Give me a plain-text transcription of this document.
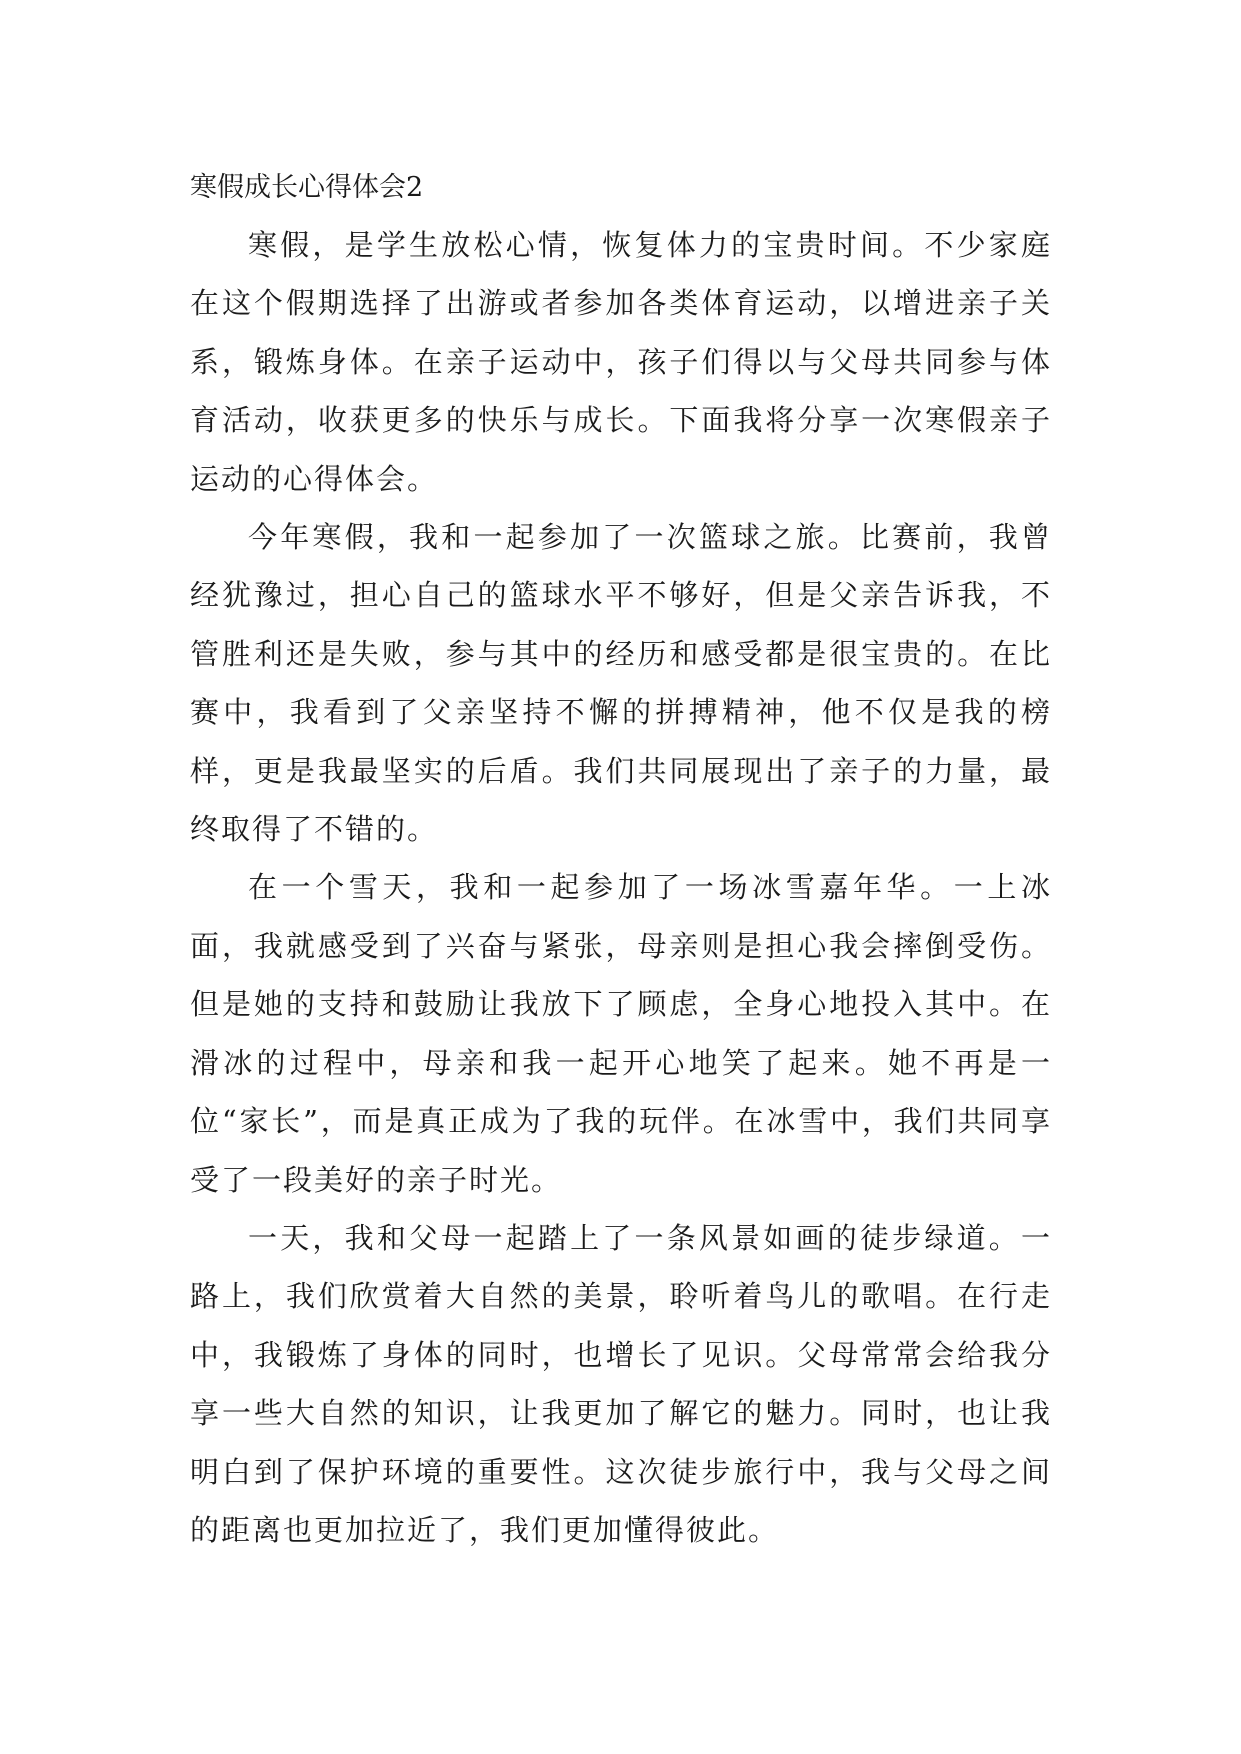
寒假成长心得体会2

寒假，是学生放松心情，恢复体力的宝贵时间。不少家庭在这个假期选择了出游或者参加各类体育运动，以增进亲子关系，锻炼身体。在亲子运动中，孩子们得以与父母共同参与体育活动，收获更多的快乐与成长。下面我将分享一次寒假亲子运动的心得体会。

今年寒假，我和一起参加了一次篮球之旅。比赛前，我曾经犹豫过，担心自己的篮球水平不够好，但是父亲告诉我，不管胜利还是失败，参与其中的经历和感受都是很宝贵的。在比赛中，我看到了父亲坚持不懈的拼搏精神，他不仅是我的榜样，更是我最坚实的后盾。我们共同展现出了亲子的力量，最终取得了不错的。

在一个雪天，我和一起参加了一场冰雪嘉年华。一上冰面，我就感受到了兴奋与紧张，母亲则是担心我会摔倒受伤。但是她的支持和鼓励让我放下了顾虑，全身心地投入其中。在滑冰的过程中，母亲和我一起开心地笑了起来。她不再是一位“家长”，而是真正成为了我的玩伴。在冰雪中，我们共同享受了一段美好的亲子时光。

一天，我和父母一起踏上了一条风景如画的徒步绿道。一路上，我们欣赏着大自然的美景，聆听着鸟儿的歌唱。在行走中，我锻炼了身体的同时，也增长了见识。父母常常会给我分享一些大自然的知识，让我更加了解它的魅力。同时，也让我明白到了保护环境的重要性。这次徒步旅行中，我与父母之间的距离也更加拉近了，我们更加懂得彼此。
